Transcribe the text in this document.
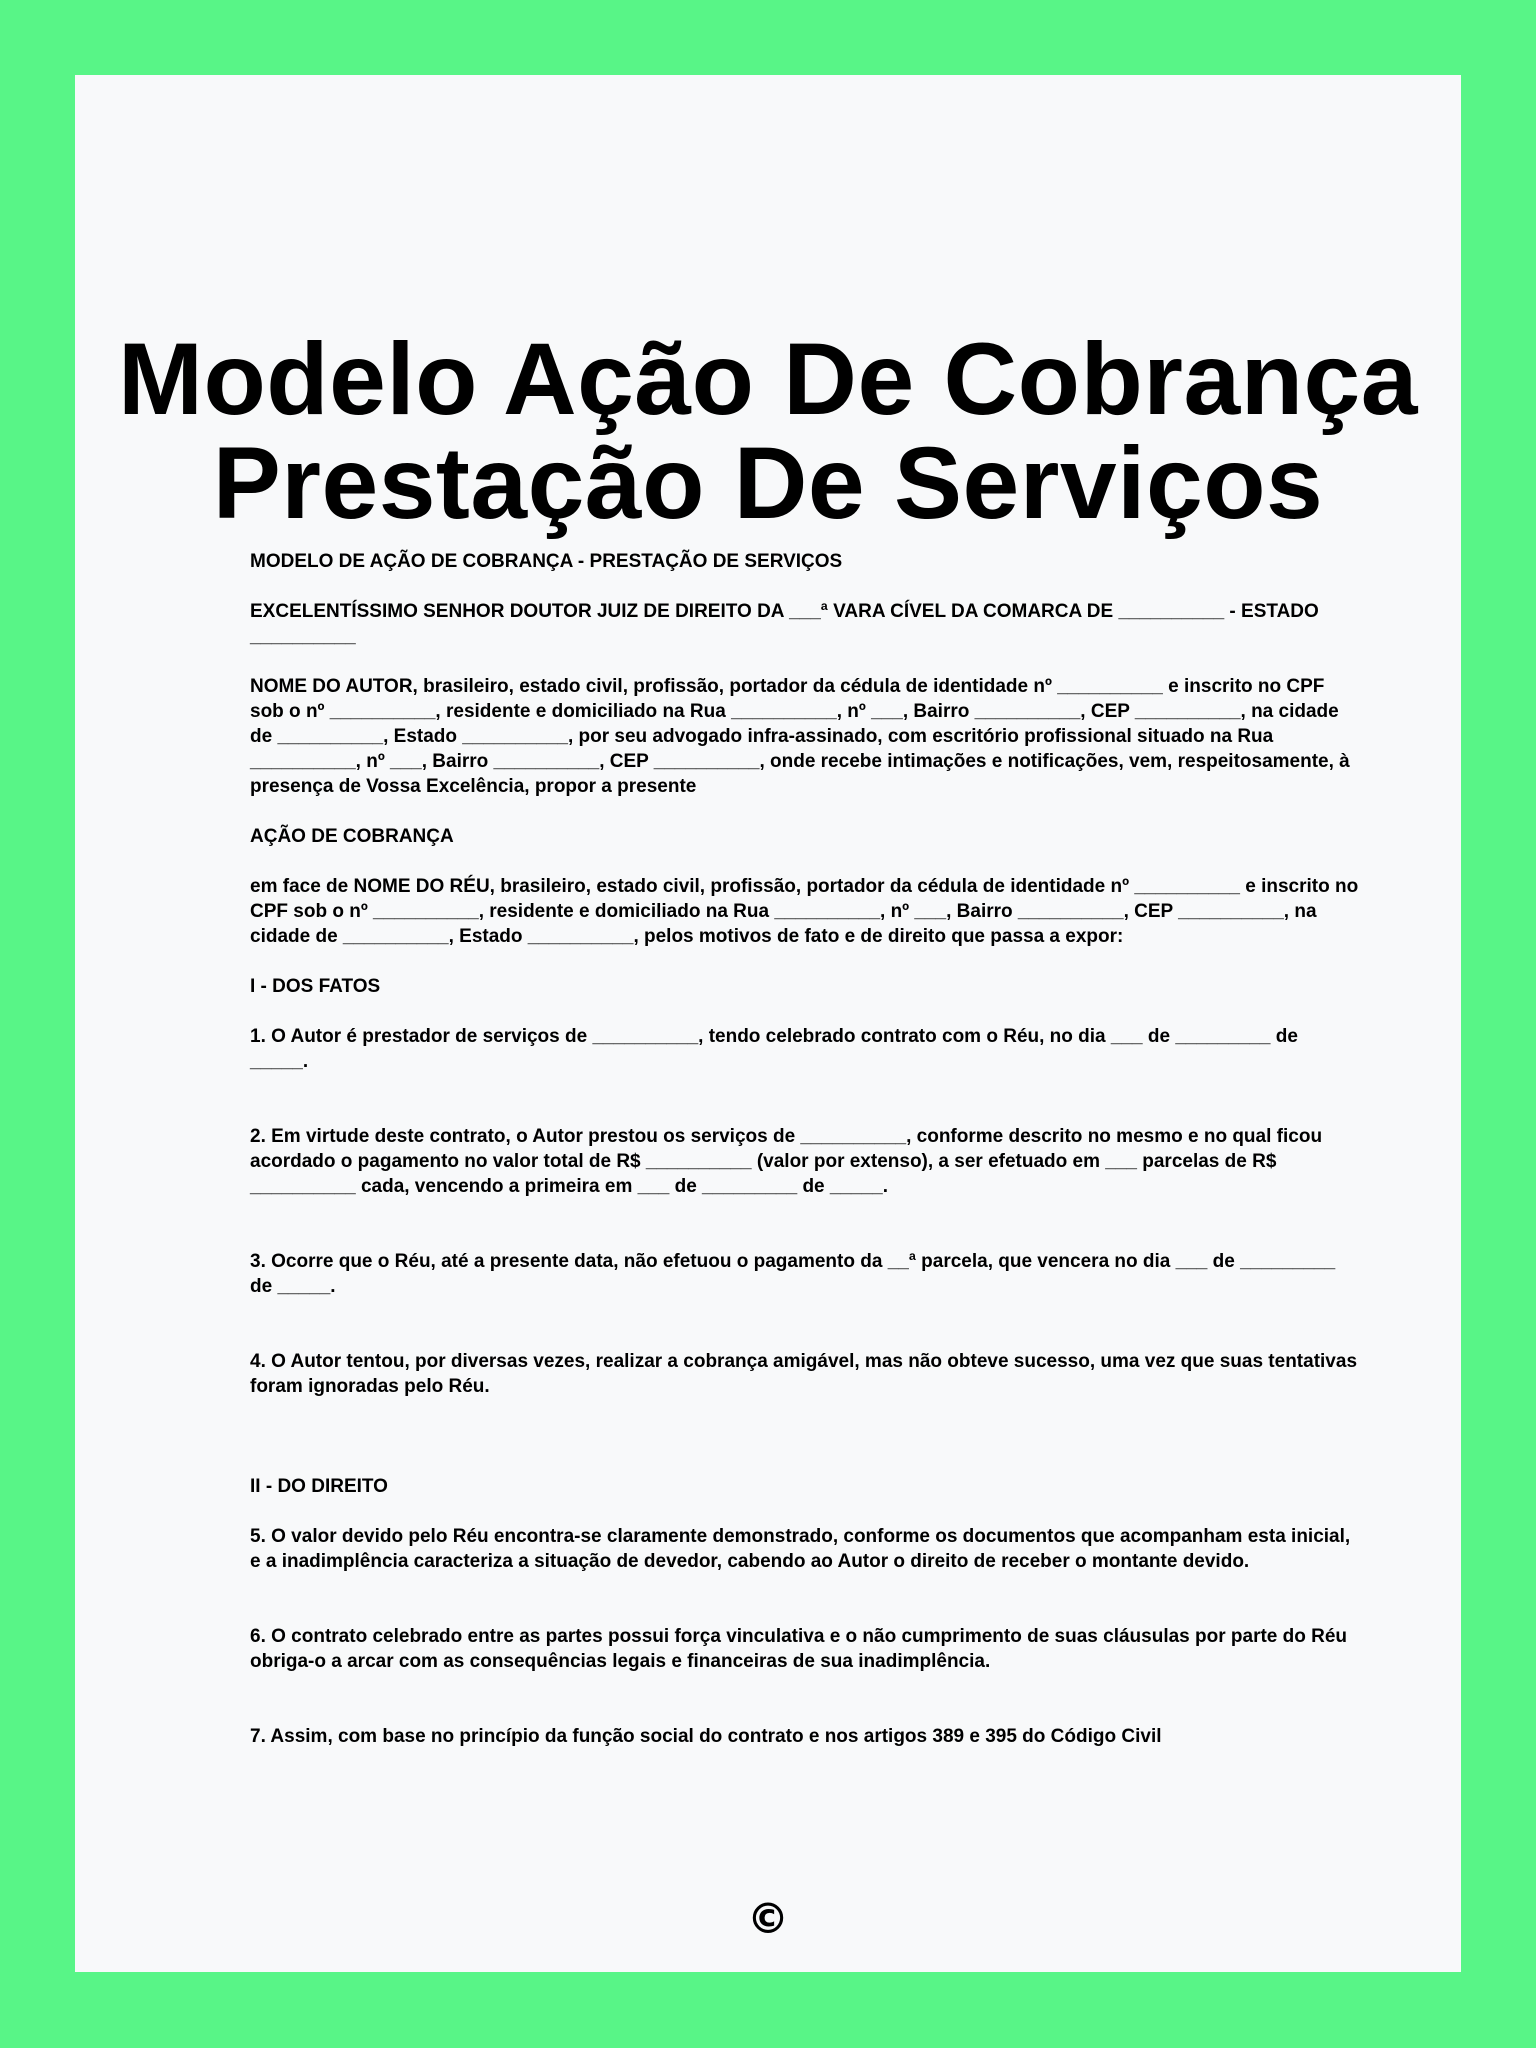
Modelo Ação De Cobrança
Prestação De Serviços

MODELO DE AÇÃO DE COBRANÇA - PRESTAÇÃO DE SERVIÇOS

EXCELENTÍSSIMO SENHOR DOUTOR JUIZ DE DIREITO DA ___ª VARA CÍVEL DA COMARCA DE __________ - ESTADO __________

NOME DO AUTOR, brasileiro, estado civil, profissão, portador da cédula de identidade nº __________ e inscrito no CPF sob o nº __________, residente e domiciliado na Rua __________, nº ___, Bairro __________, CEP __________, na cidade de __________, Estado __________, por seu advogado infra-assinado, com escritório profissional situado na Rua __________, nº ___, Bairro __________, CEP __________, onde recebe intimações e notificações, vem, respeitosamente, à presença de Vossa Excelência, propor a presente

AÇÃO DE COBRANÇA

em face de NOME DO RÉU, brasileiro, estado civil, profissão, portador da cédula de identidade nº __________ e inscrito no CPF sob o nº __________, residente e domiciliado na Rua __________, nº ___, Bairro __________, CEP __________, na cidade de __________, Estado __________, pelos motivos de fato e de direito que passa a expor:

I - DOS FATOS

1. O Autor é prestador de serviços de __________, tendo celebrado contrato com o Réu, no dia ___ de _________ de _____.

2. Em virtude deste contrato, o Autor prestou os serviços de __________, conforme descrito no mesmo e no qual ficou acordado o pagamento no valor total de R$ __________ (valor por extenso), a ser efetuado em ___ parcelas de R$ __________ cada, vencendo a primeira em ___ de _________ de _____.

3. Ocorre que o Réu, até a presente data, não efetuou o pagamento da __ª parcela, que vencera no dia ___ de _________ de _____.

4. O Autor tentou, por diversas vezes, realizar a cobrança amigável, mas não obteve sucesso, uma vez que suas tentativas foram ignoradas pelo Réu.

II - DO DIREITO

5. O valor devido pelo Réu encontra-se claramente demonstrado, conforme os documentos que acompanham esta inicial, e a inadimplência caracteriza a situação de devedor, cabendo ao Autor o direito de receber o montante devido.

6. O contrato celebrado entre as partes possui força vinculativa e o não cumprimento de suas cláusulas por parte do Réu obriga-o a arcar com as consequências legais e financeiras de sua inadimplência.

7. Assim, com base no princípio da função social do contrato e nos artigos 389 e 395 do Código Civil

©
